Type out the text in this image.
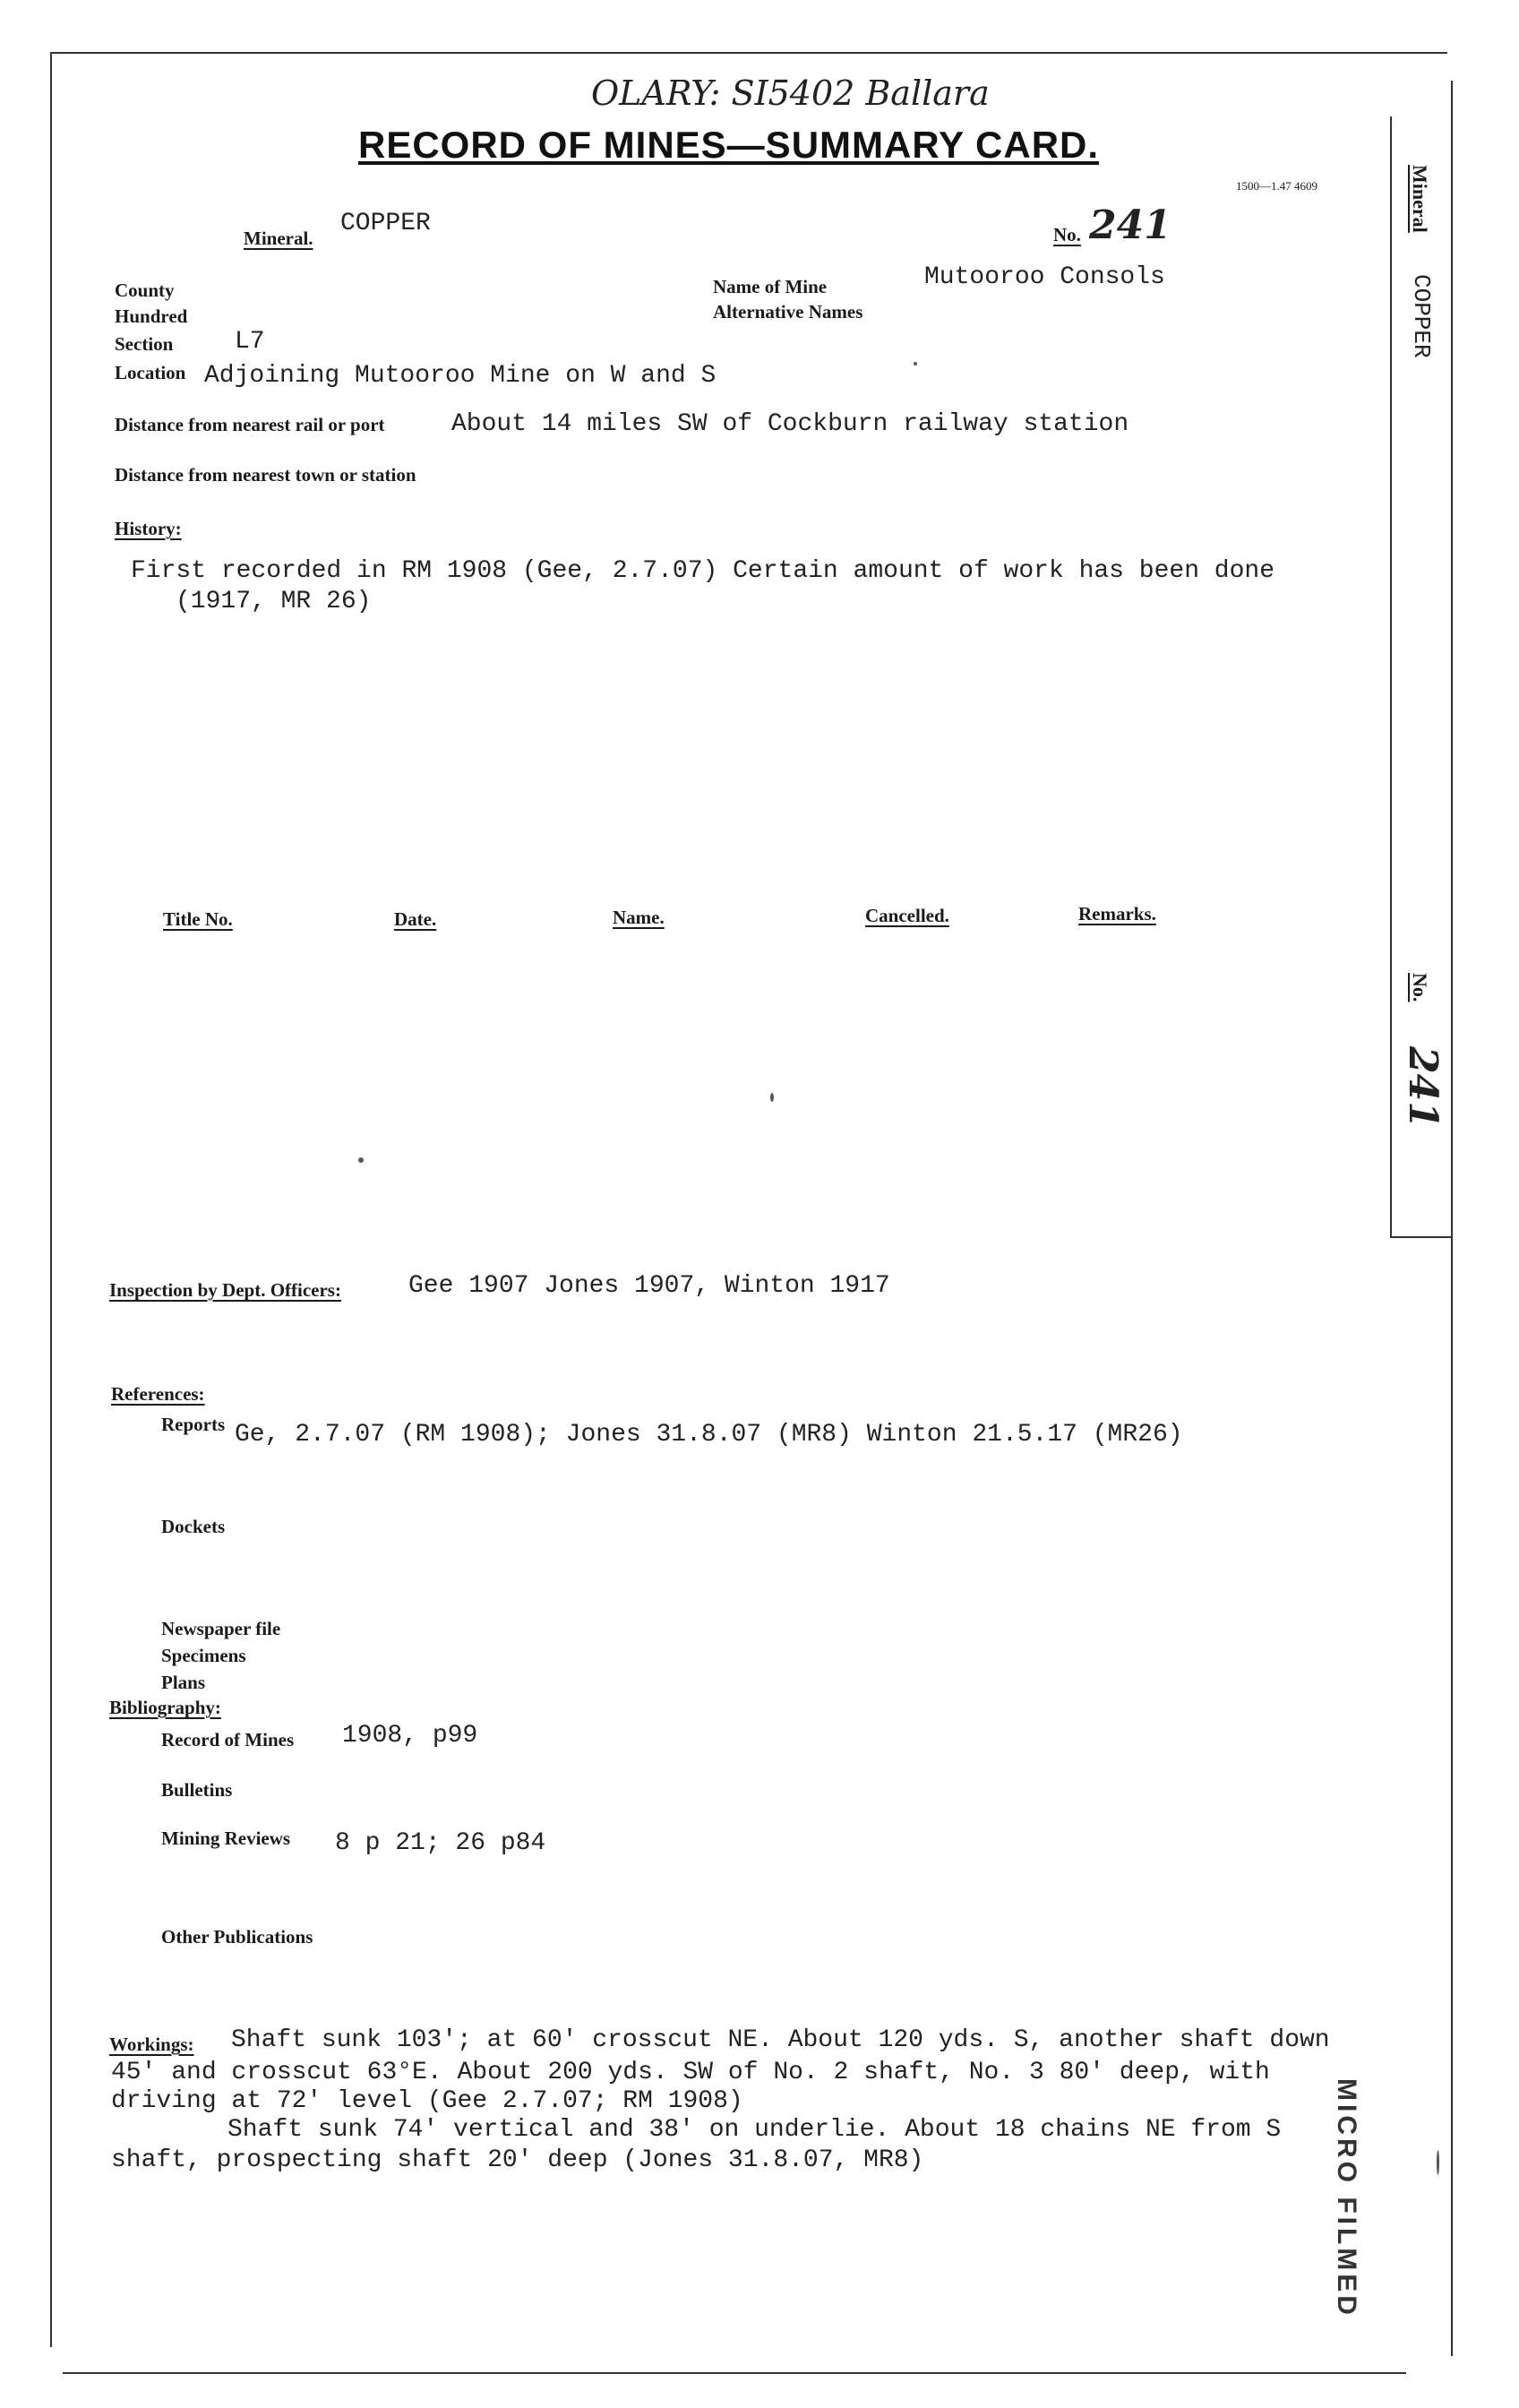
OLARY: SI5402 Ballara
RECORD OF MINES—SUMMARY CARD.
1500—1.47 4609
Mineral.
COPPER	No. 241
County
Hundred
Section L7
Name of Mine	Mutooroo Consols
Alternative Names
Location Adjoining Mutooroo Mine on W and S
Distance from nearest rail or port	About 14 miles SW of Cockburn railway station
Distance from nearest town or station
History:
First recorded in RM 1908 (Gee, 2.7.07) Certain amount of work has been done
(1917, MR 26)
Title No.	Date.	Name.	Cancelled.	Remarks.
Inspection by Dept. Officers:	Gee 1907 Jones 1907, Winton 1917
References:
Reports Ge, 2.7.07 (RM 1908); Jones 31.8.07 (MR8) Winton 21.5.17 (MR26)
Dockets
Newspaper file
Specimens
Plans
Bibliography:
Record of Mines 1908, p99
Bulletins
Mining Reviews 8 p 21; 26 p84
Other Publications
Workings: Shaft sunk 103'; at 60' crosscut NE. About 120 yds. S, another shaft down
45' and crosscut 63°E. About 200 yds. SW of No. 2 shaft, No. 3 80' deep, with
driving at 72' level (Gee 2.7.07; RM 1908)
Shaft sunk 74' vertical and 38' on underlie. About 18 chains NE from S
shaft, prospecting shaft 20' deep (Jones 31.8.07, MR8)
Mineral
COPPER
No.
241
MICRO FILMED
